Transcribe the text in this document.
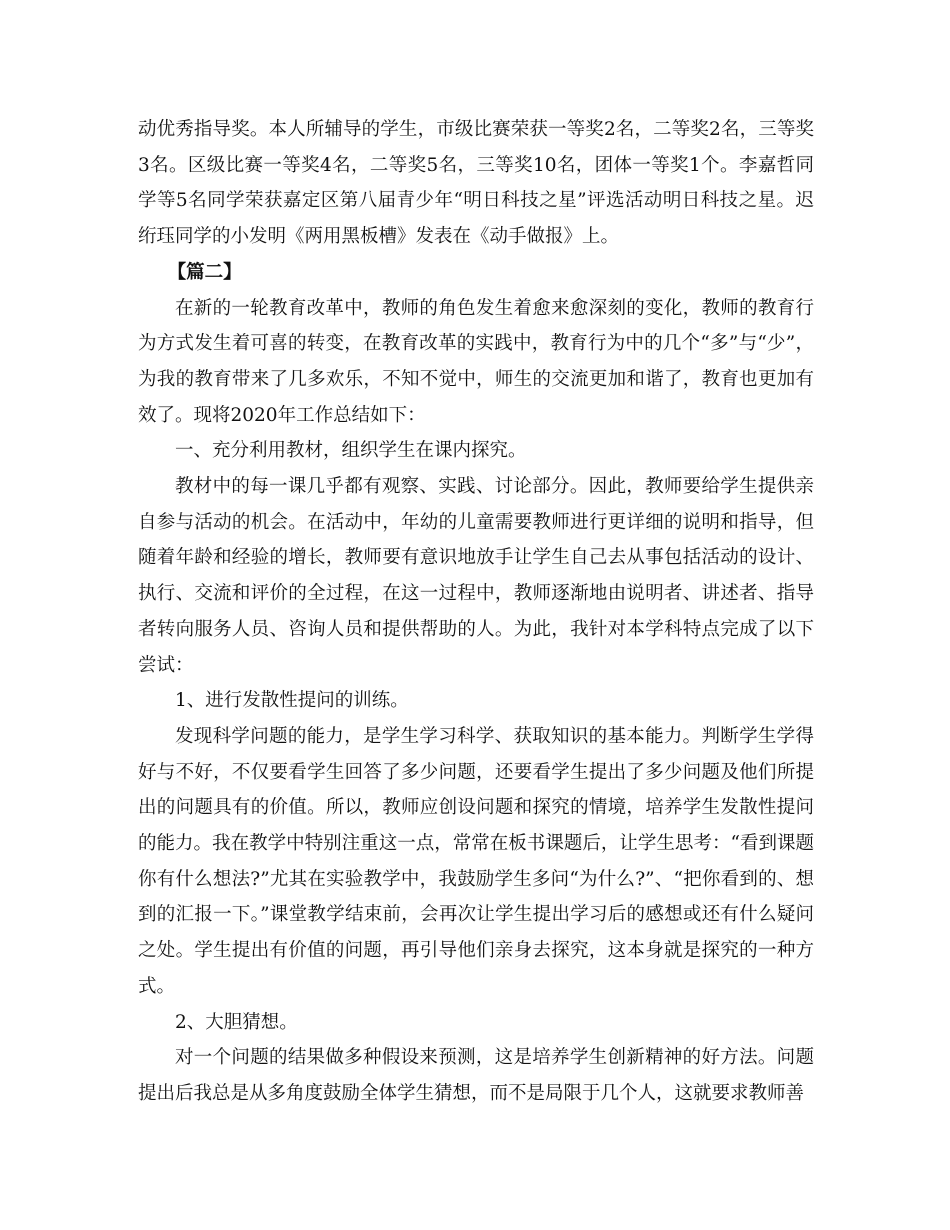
动优秀指导奖。本人所辅导的学生，市级比赛荣获一等奖2名，二等奖2名，三等奖3名。区级比赛一等奖4名，二等奖5名，三等奖10名，团体一等奖1个。李嘉哲同学等5名同学荣获嘉定区第八届青少年“明日科技之星”评选活动明日科技之星。迟绗珏同学的小发明《两用黑板槽》发表在《动手做报》上。

【篇二】

在新的一轮教育改革中，教师的角色发生着愈来愈深刻的变化，教师的教育行为方式发生着可喜的转变，在教育改革的实践中，教育行为中的几个“多”与“少”，为我的教育带来了几多欢乐，不知不觉中，师生的交流更加和谐了，教育也更加有效了。现将2020年工作总结如下：

一、充分利用教材，组织学生在课内探究。

教材中的每一课几乎都有观察、实践、讨论部分。因此，教师要给学生提供亲自参与活动的机会。在活动中，年幼的儿童需要教师进行更详细的说明和指导，但随着年龄和经验的增长，教师要有意识地放手让学生自己去从事包括活动的设计、执行、交流和评价的全过程，在这一过程中，教师逐渐地由说明者、讲述者、指导者转向服务人员、咨询人员和提供帮助的人。为此，我针对本学科特点完成了以下尝试：

1、进行发散性提问的训练。

发现科学问题的能力，是学生学习科学、获取知识的基本能力。判断学生学得好与不好，不仅要看学生回答了多少问题，还要看学生提出了多少问题及他们所提出的问题具有的价值。所以，教师应创设问题和探究的情境，培养学生发散性提问的能力。我在教学中特别注重这一点，常常在板书课题后，让学生思考：“看到课题你有什么想法?”尤其在实验教学中，我鼓励学生多问“为什么?”、“把你看到的、想到的汇报一下。”课堂教学结束前，会再次让学生提出学习后的感想或还有什么疑问之处。学生提出有价值的问题，再引导他们亲身去探究，这本身就是探究的一种方式。

2、大胆猜想。

对一个问题的结果做多种假设来预测，这是培养学生创新精神的好方法。问题提出后我总是从多角度鼓励全体学生猜想，而不是局限于几个人，这就要求教师善
